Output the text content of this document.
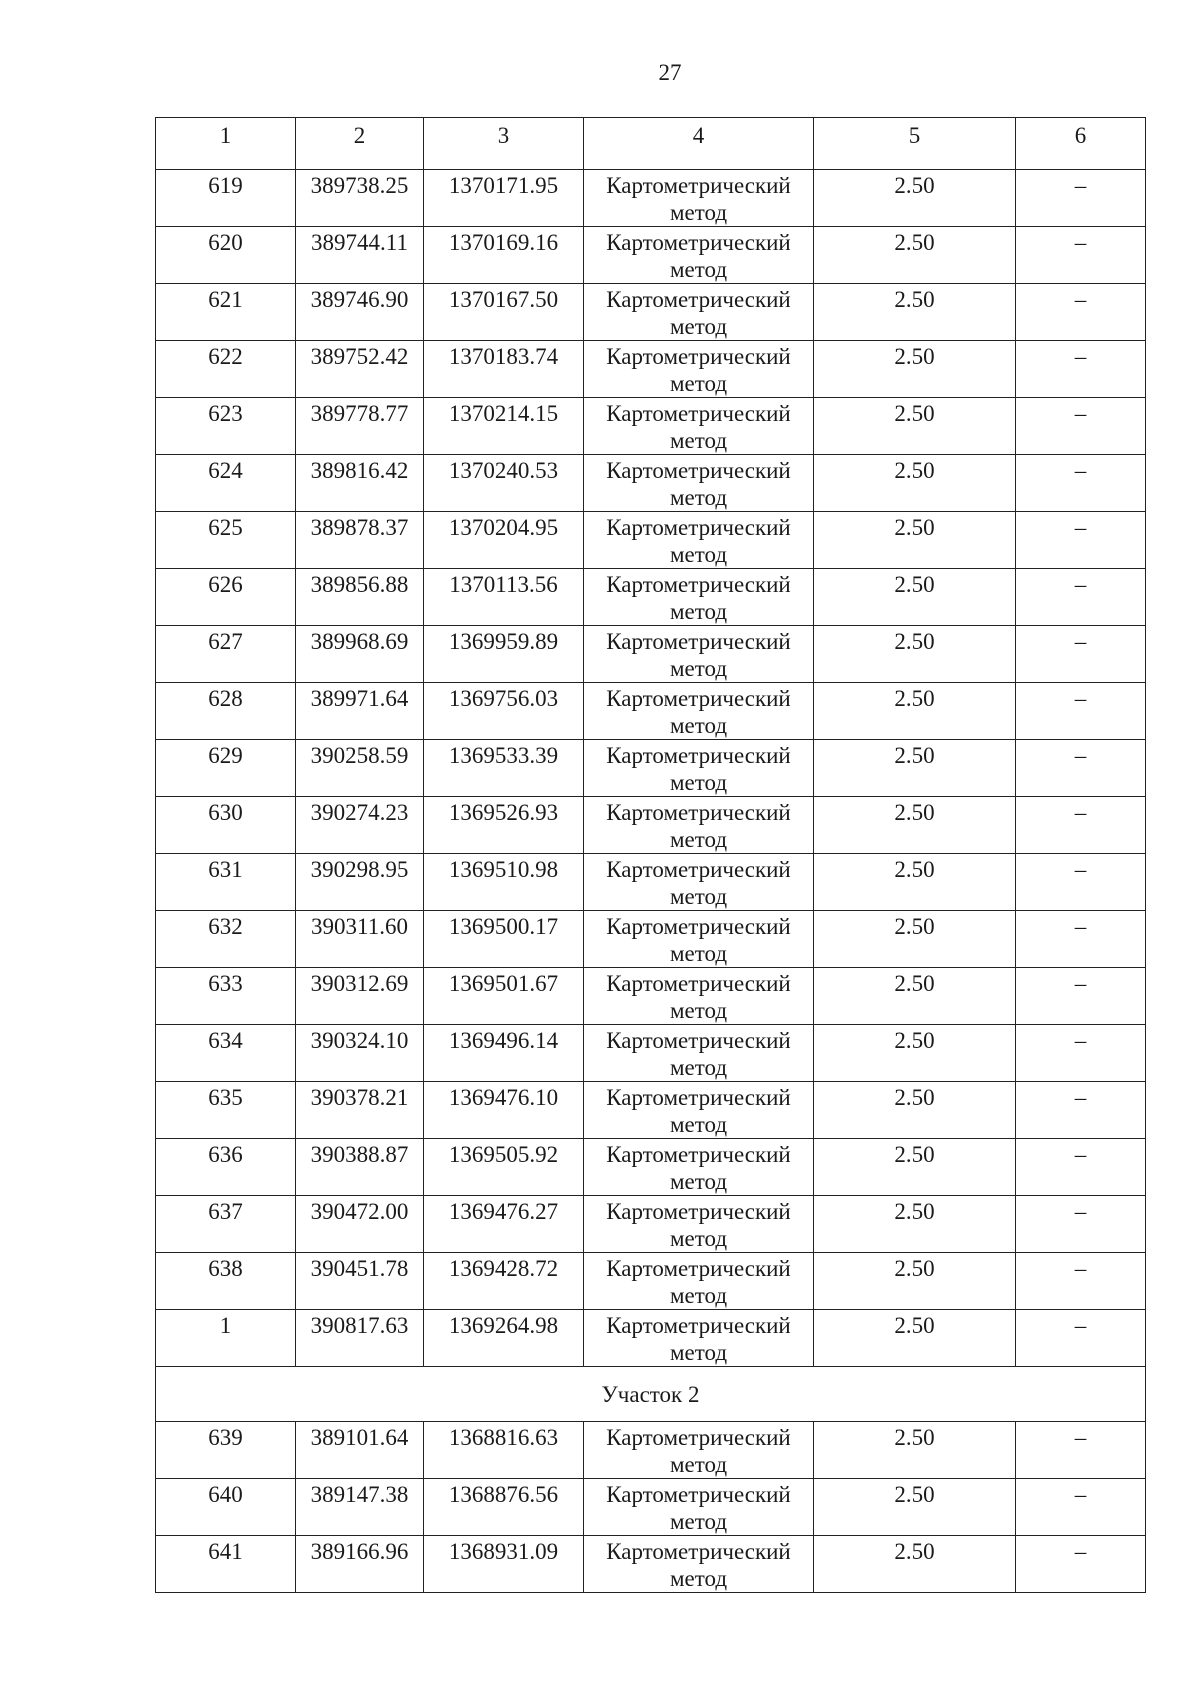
27
1	2	3	4	5	6
619	389738.25	1370171.95	Картометрический метод	2.50	–
620	389744.11	1370169.16	Картометрический метод	2.50	–
621	389746.90	1370167.50	Картометрический метод	2.50	–
622	389752.42	1370183.74	Картометрический метод	2.50	–
623	389778.77	1370214.15	Картометрический метод	2.50	–
624	389816.42	1370240.53	Картометрический метод	2.50	–
625	389878.37	1370204.95	Картометрический метод	2.50	–
626	389856.88	1370113.56	Картометрический метод	2.50	–
627	389968.69	1369959.89	Картометрический метод	2.50	–
628	389971.64	1369756.03	Картометрический метод	2.50	–
629	390258.59	1369533.39	Картометрический метод	2.50	–
630	390274.23	1369526.93	Картометрический метод	2.50	–
631	390298.95	1369510.98	Картометрический метод	2.50	–
632	390311.60	1369500.17	Картометрический метод	2.50	–
633	390312.69	1369501.67	Картометрический метод	2.50	–
634	390324.10	1369496.14	Картометрический метод	2.50	–
635	390378.21	1369476.10	Картометрический метод	2.50	–
636	390388.87	1369505.92	Картометрический метод	2.50	–
637	390472.00	1369476.27	Картометрический метод	2.50	–
638	390451.78	1369428.72	Картометрический метод	2.50	–
1	390817.63	1369264.98	Картометрический метод	2.50	–
Участок 2					
639	389101.64	1368816.63	Картометрический метод	2.50	–
640	389147.38	1368876.56	Картометрический метод	2.50	–
641	389166.96	1368931.09	Картометрический метод	2.50	–
